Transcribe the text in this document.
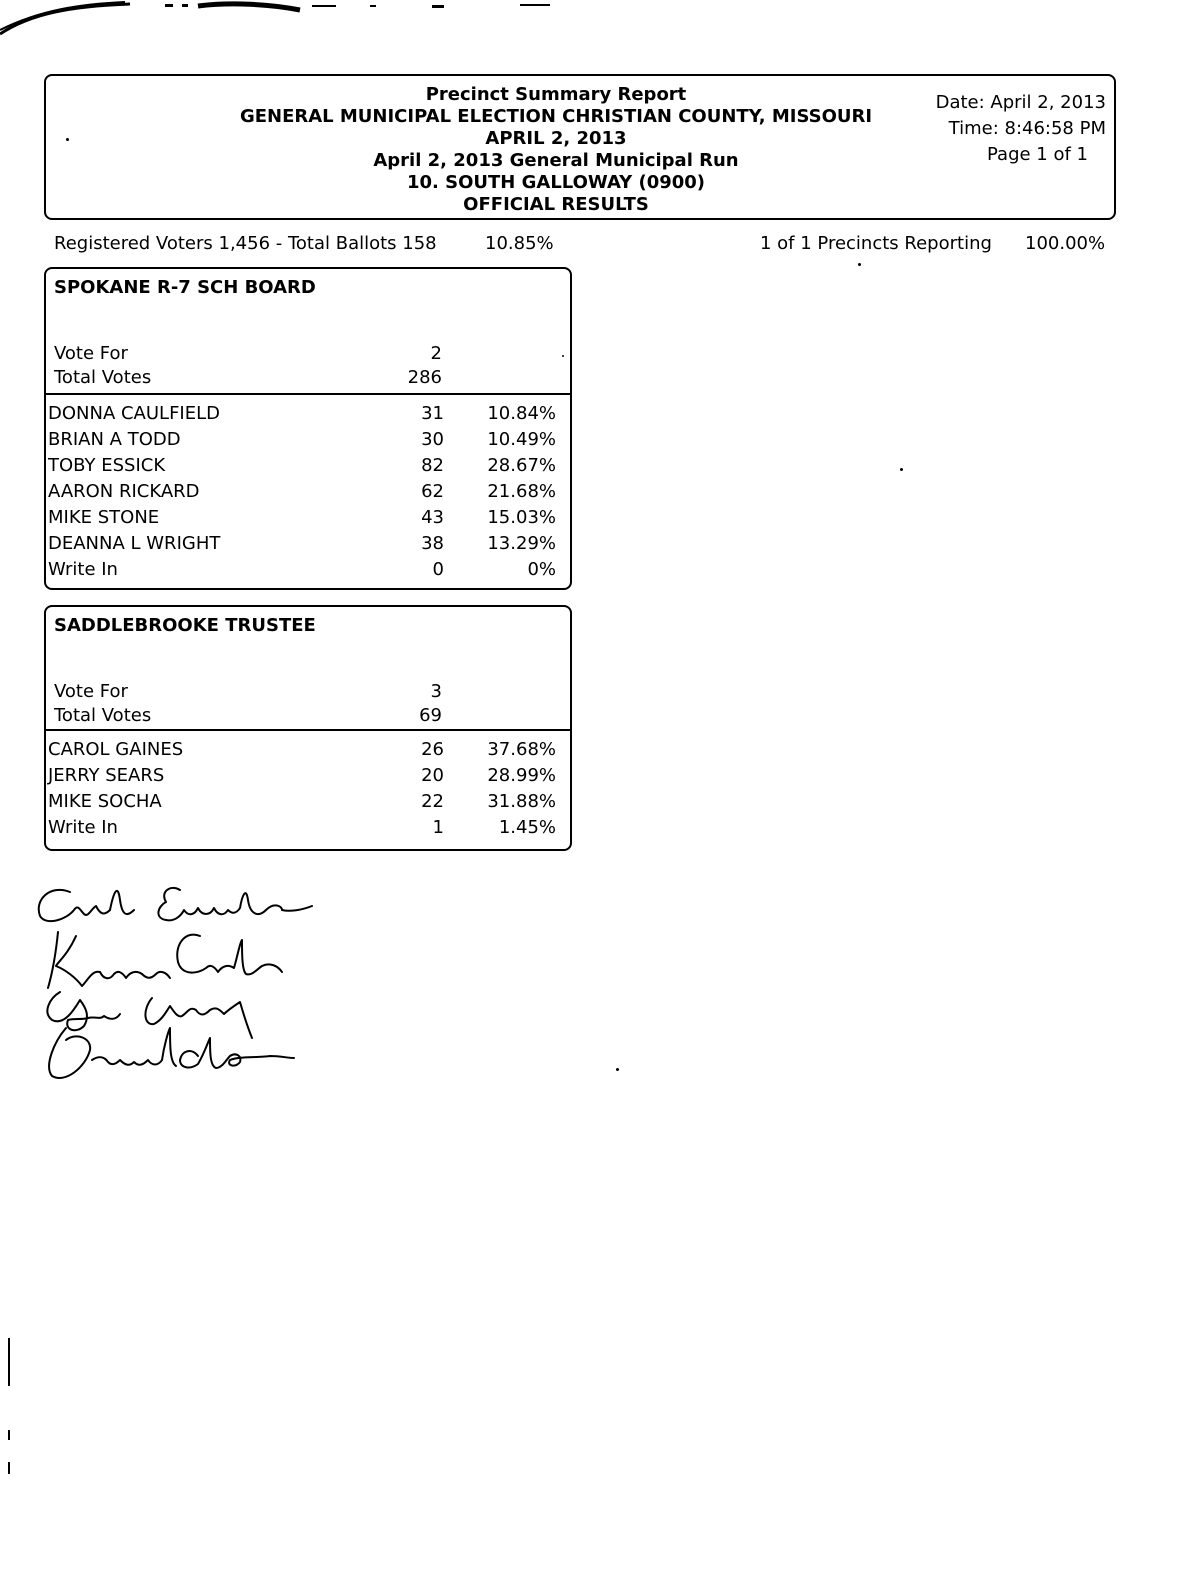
Precinct Summary Report
GENERAL MUNICIPAL ELECTION CHRISTIAN COUNTY, MISSOURI
APRIL 2, 2013
April 2, 2013 General Municipal Run
10. SOUTH GALLOWAY (0900)
OFFICIAL RESULTS
Date: April 2, 2013
Time: 8:46:58 PM
Page 1 of 1
Registered Voters 1,456 - Total Ballots 158	10.85%	1 of 1 Precincts Reporting 100.00%
SPOKANE R-7 SCH BOARD
Vote For	2
Total Votes	286
DONNA CAULFIELD	31 10.84%
BRIAN A TODD	30 10.49%
TOBY ESSICK	82 28.67%
AARON RICKARD	62 21.68%
MIKE STONE	43 15.03%
DEANNA L WRIGHT	38 13.29%
Write In	0	0%
SADDLEBROOKE TRUSTEE
Vote For	3
Total Votes	69
CAROL GAINES	26 37.68%
JERRY SEARS	20 28.99%
MIKE SOCHA	22 31.88%
Write In	1	1.45%
